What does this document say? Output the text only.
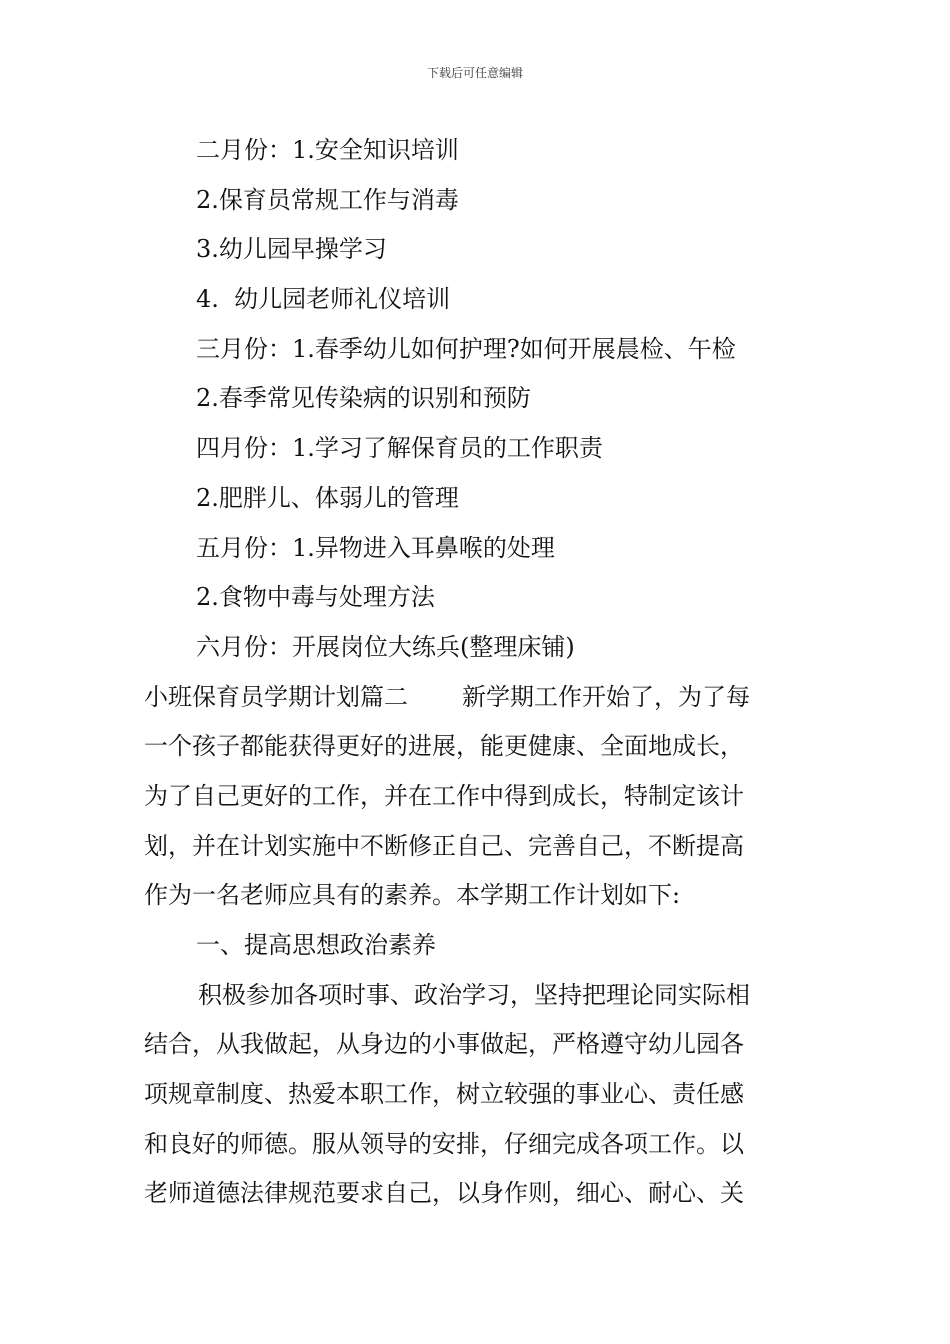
下载后可任意编辑
二月份：1.安全知识培训
2.保育员常规工作与消毒
3.幼儿园早操学习
4.  幼儿园老师礼仪培训
三月份：1.春季幼儿如何护理?如何开展晨检、午检
2.春季常见传染病的识别和预防
四月份：1.学习了解保育员的工作职责
2.肥胖儿、体弱儿的管理
五月份：1.异物进入耳鼻喉的处理
2.食物中毒与处理方法
六月份：开展岗位大练兵(整理床铺)
小班保育员学期计划篇二 新学期工作开始了，为了每
一个孩子都能获得更好的进展，能更健康、全面地成长，
为了自己更好的工作，并在工作中得到成长，特制定该计
划，并在计划实施中不断修正自己、完善自己，不断提高
作为一名老师应具有的素养。本学期工作计划如下:
一、提高思想政治素养
积极参加各项时事、政治学习，坚持把理论同实际相
结合，从我做起，从身边的小事做起，严格遵守幼儿园各
项规章制度、热爱本职工作，树立较强的事业心、责任感
和良好的师德。服从领导的安排，仔细完成各项工作。以
老师道德法律规范要求自己，以身作则，细心、耐心、关
